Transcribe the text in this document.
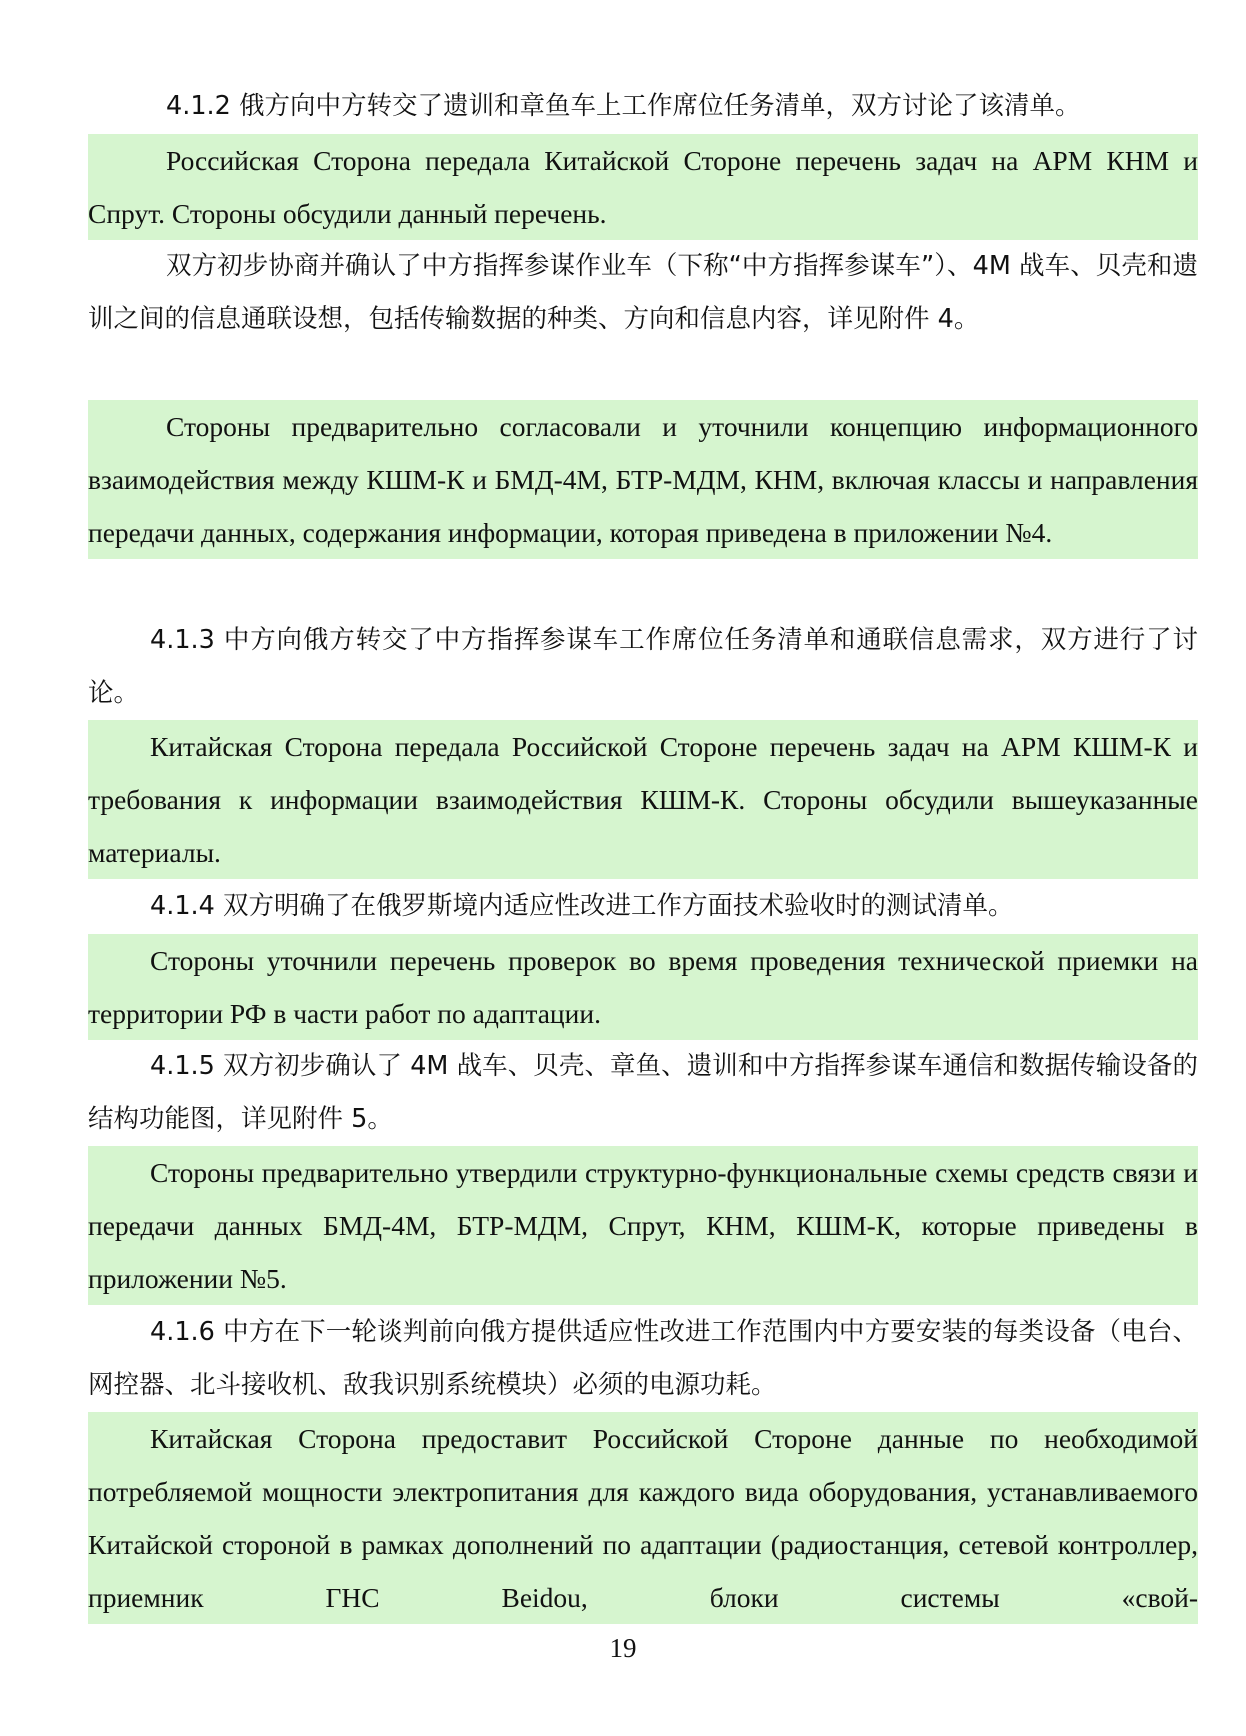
4.1.2 俄方向中方转交了遗训和章鱼车上工作席位任务清单，双方讨论了该清单。
Российская Сторона передала Китайской Стороне перечень задач на АРМ КНМ и Спрут. Стороны обсудили данный перечень.
双方初步协商并确认了中方指挥参谋作业车（下称“中方指挥参谋车”）、4M 战车、贝壳和遗训之间的信息通联设想，包括传输数据的种类、方向和信息内容，详见附件 4。
Стороны предварительно согласовали и уточнили концепцию информационного взаимодействия между КШМ-К и БМД-4М, БТР-МДМ, КНМ, включая классы и направления передачи данных, содержания информации, которая приведена в приложении №4.
4.1.3 中方向俄方转交了中方指挥参谋车工作席位任务清单和通联信息需求，双方进行了讨论。
Китайская Сторона передала Российской Стороне перечень задач на АРМ КШМ-К и требования к информации взаимодействия КШМ-К. Стороны обсудили вышеуказанные материалы.
4.1.4 双方明确了在俄罗斯境内适应性改进工作方面技术验收时的测试清单。
Стороны уточнили перечень проверок во время проведения технической приемки на территории РФ в части работ по адаптации.
4.1.5 双方初步确认了 4M 战车、贝壳、章鱼、遗训和中方指挥参谋车通信和数据传输设备的结构功能图，详见附件 5。
Стороны предварительно утвердили структурно-функциональные схемы средств связи и передачи данных БМД-4М, БТР-МДМ, Спрут, КНМ, КШМ-К, которые приведены в приложении №5.
4.1.6 中方在下一轮谈判前向俄方提供适应性改进工作范围内中方要安装的每类设备（电台、网控器、北斗接收机、敌我识别系统模块）必须的电源功耗。
Китайская Сторона предоставит Российской Стороне данные по необходимой потребляемой мощности электропитания для каждого вида оборудования, устанавливаемого Китайской стороной в рамках дополнений по адаптации (радиостанция, сетевой контроллер, приемник ГНС Beidou, блоки системы «свой-
19
